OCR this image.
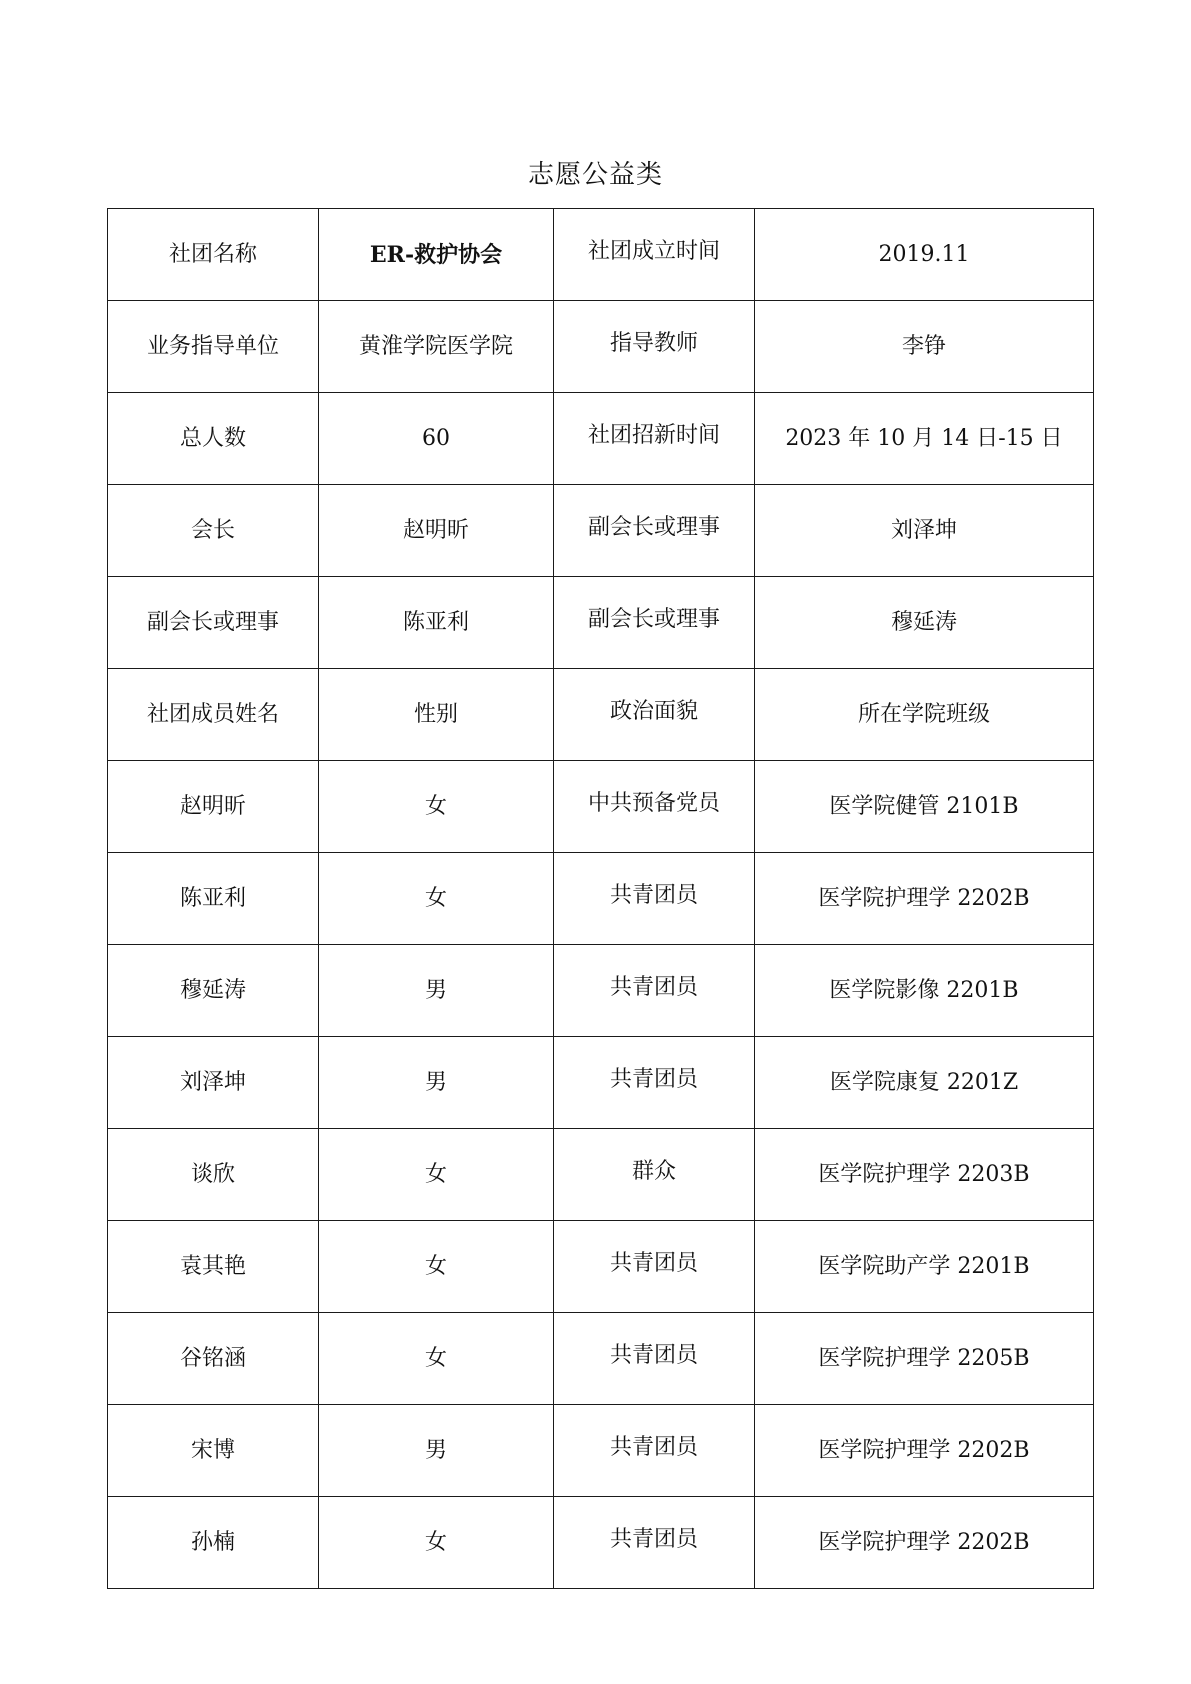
志愿公益类
社团名称	ER-救护协会	社团成立时间	2019.11
业务指导单位	黄淮学院医学院	指导教师	李铮
总人数	60	社团招新时间	2023 年 10 月 14 日-15 日
会长	赵明昕	副会长或理事	刘泽坤
副会长或理事	陈亚利	副会长或理事	穆延涛
社团成员姓名	性别	政治面貌	所在学院班级
赵明昕	女	中共预备党员	医学院健管 2101B
陈亚利	女	共青团员	医学院护理学 2202B
穆延涛	男	共青团员	医学院影像 2201B
刘泽坤	男	共青团员	医学院康复 2201Z
谈欣	女	群众	医学院护理学 2203B
袁其艳	女	共青团员	医学院助产学 2201B
谷铭涵	女	共青团员	医学院护理学 2205B
宋博	男	共青团员	医学院护理学 2202B
孙楠	女	共青团员	医学院护理学 2202B
